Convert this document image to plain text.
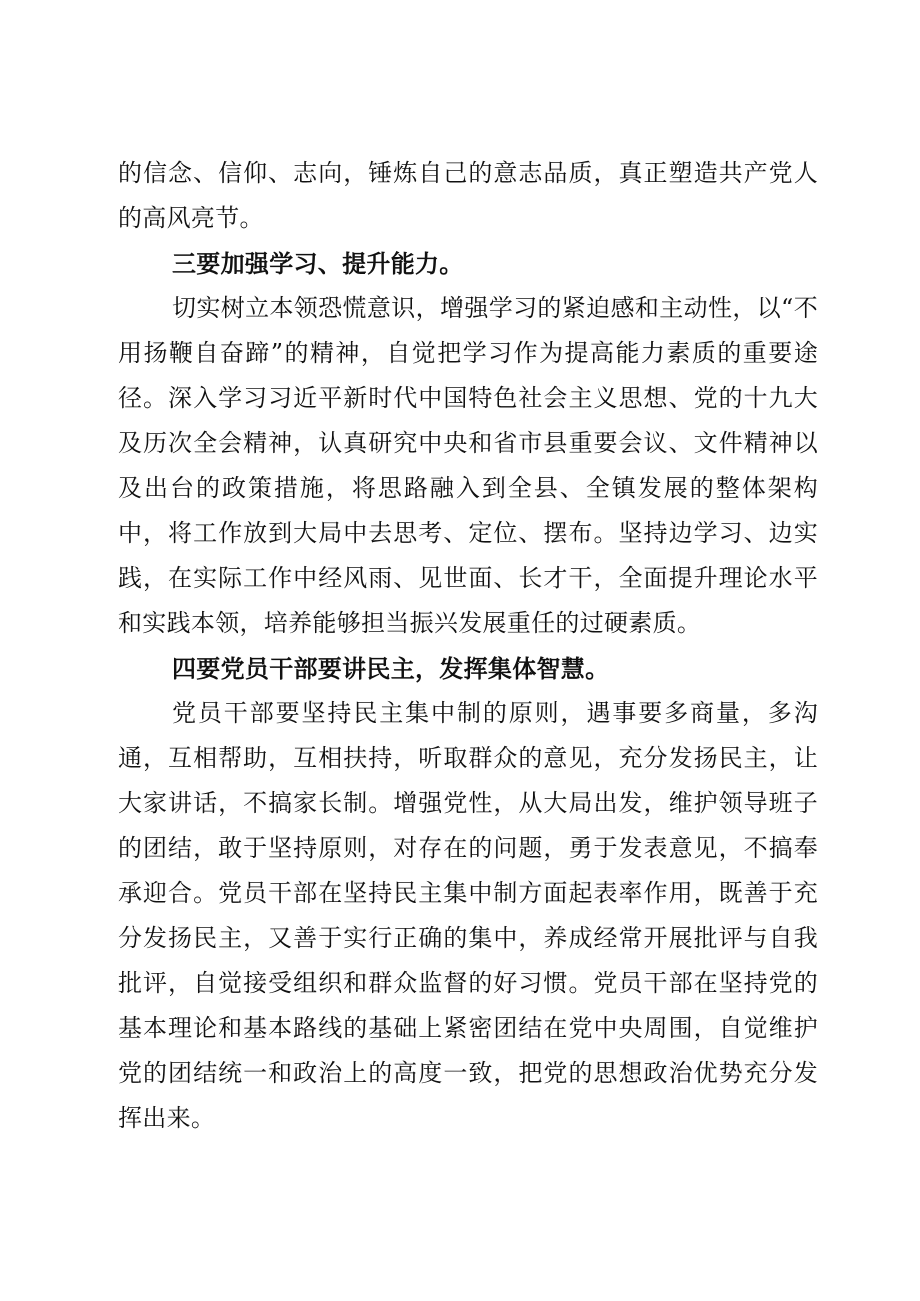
的信念、信仰、志向，锤炼自己的意志品质，真正塑造共产党人的高风亮节。

三要加强学习、提升能力。

切实树立本领恐慌意识，增强学习的紧迫感和主动性，以“不用扬鞭自奋蹄”的精神，自觉把学习作为提高能力素质的重要途径。深入学习习近平新时代中国特色社会主义思想、党的十九大及历次全会精神，认真研究中央和省市县重要会议、文件精神以及出台的政策措施，将思路融入到全县、全镇发展的整体架构中，将工作放到大局中去思考、定位、摆布。坚持边学习、边实践，在实际工作中经风雨、见世面、长才干，全面提升理论水平和实践本领，培养能够担当振兴发展重任的过硬素质。

四要党员干部要讲民主，发挥集体智慧。

党员干部要坚持民主集中制的原则，遇事要多商量，多沟通，互相帮助，互相扶持，听取群众的意见，充分发扬民主，让大家讲话，不搞家长制。增强党性，从大局出发，维护领导班子的团结，敢于坚持原则，对存在的问题，勇于发表意见，不搞奉承迎合。党员干部在坚持民主集中制方面起表率作用，既善于充分发扬民主，又善于实行正确的集中，养成经常开展批评与自我批评，自觉接受组织和群众监督的好习惯。党员干部在坚持党的基本理论和基本路线的基础上紧密团结在党中央周围，自觉维护党的团结统一和政治上的高度一致，把党的思想政治优势充分发挥出来。
